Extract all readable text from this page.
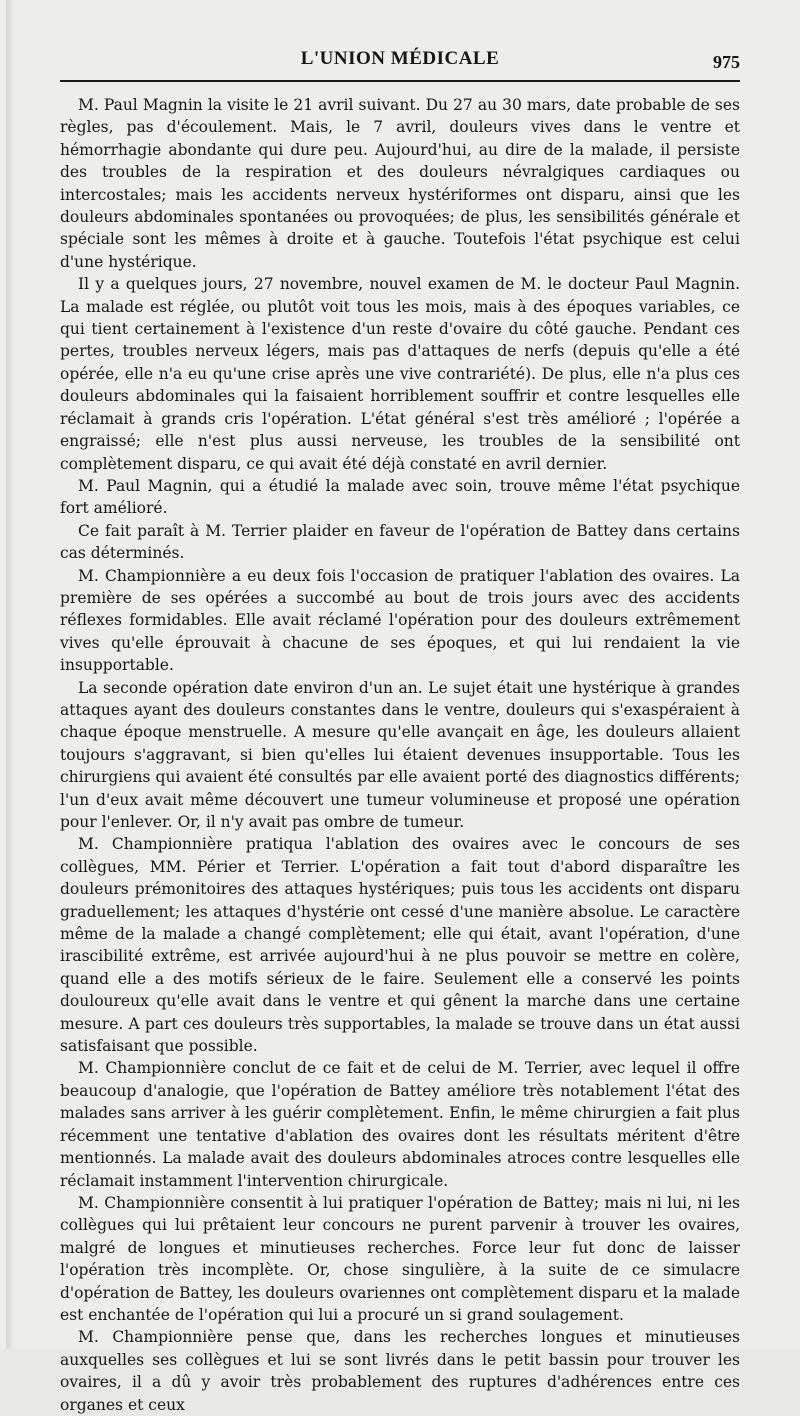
L'UNION MÉDICALE	975

M. Paul Magnin la visite le 21 avril suivant. Du 27 au 30 mars, date probable de ses règles, pas d'écoulement. Mais, le 7 avril, douleurs vives dans le ventre et hémorrhagie abondante qui dure peu. Aujourd'hui, au dire de la malade, il persiste des troubles de la respiration et des douleurs névralgiques cardiaques ou intercostales; mais les accidents nerveux hystériformes ont disparu, ainsi que les douleurs abdominales spontanées ou provoquées; de plus, les sensibilités générale et spéciale sont les mêmes à droite et à gauche. Toutefois l'état psychique est celui d'une hystérique.

Il y a quelques jours, 27 novembre, nouvel examen de M. le docteur Paul Magnin. La malade est réglée, ou plutôt voit tous les mois, mais à des époques variables, ce qui tient certainement à l'existence d'un reste d'ovaire du côté gauche. Pendant ces pertes, troubles nerveux légers, mais pas d'attaques de nerfs (depuis qu'elle a été opérée, elle n'a eu qu'une crise après une vive contrariété). De plus, elle n'a plus ces douleurs abdominales qui la faisaient horriblement souffrir et contre lesquelles elle réclamait à grands cris l'opération. L'état général s'est très amélioré ; l'opérée a engraissé; elle n'est plus aussi nerveuse, les troubles de la sensibilité ont complètement disparu, ce qui avait été déjà constaté en avril dernier.

M. Paul Magnin, qui a étudié la malade avec soin, trouve même l'état psychique fort amélioré.

Ce fait paraît à M. Terrier plaider en faveur de l'opération de Battey dans certains cas déterminés.

M. Championnière a eu deux fois l'occasion de pratiquer l'ablation des ovaires. La première de ses opérées a succombé au bout de trois jours avec des accidents réflexes formidables. Elle avait réclamé l'opération pour des douleurs extrêmement vives qu'elle éprouvait à chacune de ses époques, et qui lui rendaient la vie insupportable.

La seconde opération date environ d'un an. Le sujet était une hystérique à grandes attaques ayant des douleurs constantes dans le ventre, douleurs qui s'exaspéraient à chaque époque menstruelle. A mesure qu'elle avançait en âge, les douleurs allaient toujours s'aggravant, si bien qu'elles lui étaient devenues insupportable. Tous les chirurgiens qui avaient été consultés par elle avaient porté des diagnostics différents; l'un d'eux avait même découvert une tumeur volumineuse et proposé une opération pour l'enlever. Or, il n'y avait pas ombre de tumeur.

M. Championnière pratiqua l'ablation des ovaires avec le concours de ses collègues, MM. Périer et Terrier. L'opération a fait tout d'abord disparaître les douleurs prémonitoires des attaques hystériques; puis tous les accidents ont disparu graduellement; les attaques d'hystérie ont cessé d'une manière absolue. Le caractère même de la malade a changé complètement; elle qui était, avant l'opération, d'une irascibilité extrême, est arrivée aujourd'hui à ne plus pouvoir se mettre en colère, quand elle a des motifs sérieux de le faire. Seulement elle a conservé les points douloureux qu'elle avait dans le ventre et qui gênent la marche dans une certaine mesure. A part ces douleurs très supportables, la malade se trouve dans un état aussi satisfaisant que possible.

M. Championnière conclut de ce fait et de celui de M. Terrier, avec lequel il offre beaucoup d'analogie, que l'opération de Battey améliore très notablement l'état des malades sans arriver à les guérir complètement. Enfin, le même chirurgien a fait plus récemment une tentative d'ablation des ovaires dont les résultats méritent d'être mentionnés. La malade avait des douleurs abdominales atroces contre lesquelles elle réclamait instamment l'intervention chirurgicale.

M. Championnière consentit à lui pratiquer l'opération de Battey; mais ni lui, ni les collègues qui lui prêtaient leur concours ne purent parvenir à trouver les ovaires, malgré de longues et minutieuses recherches. Force leur fut donc de laisser l'opération très incomplète. Or, chose singulière, à la suite de ce simulacre d'opération de Battey, les douleurs ovariennes ont complètement disparu et la malade est enchantée de l'opération qui lui a procuré un si grand soulagement.

M. Championnière pense que, dans les recherches longues et minutieuses auxquelles ses collègues et lui se sont livrés dans le petit bassin pour trouver les ovaires, il a dû y avoir très probablement des ruptures d'adhérences entre ces organes et ceux
